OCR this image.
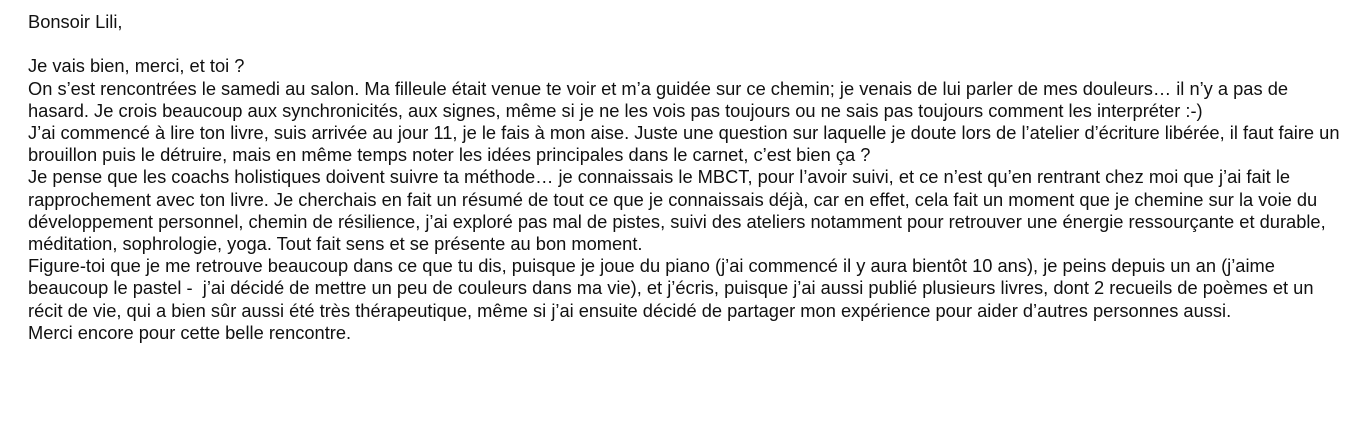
Bonsoir Lili,

Je vais bien, merci, et toi ?

On s’est rencontrées le samedi au salon. Ma filleule était venue te voir et m’a guidée sur ce chemin; je venais de lui parler de mes douleurs… il n’y a pas de hasard. Je crois beaucoup aux synchronicités, aux signes, même si je ne les vois pas toujours ou ne sais pas toujours comment les interpréter :-)

J’ai commencé à lire ton livre, suis arrivée au jour 11, je le fais à mon aise. Juste une question sur laquelle je doute lors de l’atelier d’écriture libérée, il faut faire un brouillon puis le détruire, mais en même temps noter les idées principales dans le carnet, c’est bien ça ?

Je pense que les coachs holistiques doivent suivre ta méthode… je connaissais le MBCT, pour l’avoir suivi, et ce n’est qu’en rentrant chez moi que j’ai fait le rapprochement avec ton livre. Je cherchais en fait un résumé de tout ce que je connaissais déjà, car en effet, cela fait un moment que je chemine sur la voie du développement personnel, chemin de résilience, j’ai exploré pas mal de pistes, suivi des ateliers notamment pour retrouver une énergie ressourçante et durable, méditation, sophrologie, yoga. Tout fait sens et se présente au bon moment.

Figure-toi que je me retrouve beaucoup dans ce que tu dis, puisque je joue du piano (j’ai commencé il y aura bientôt 10 ans), je peins depuis un an (j’aime beaucoup le pastel -  j’ai décidé de mettre un peu de couleurs dans ma vie), et j’écris, puisque j’ai aussi publié plusieurs livres, dont 2 recueils de poèmes et un récit de vie, qui a bien sûr aussi été très thérapeutique, même si j’ai ensuite décidé de partager mon expérience pour aider d’autres personnes aussi.

Merci encore pour cette belle rencontre.
